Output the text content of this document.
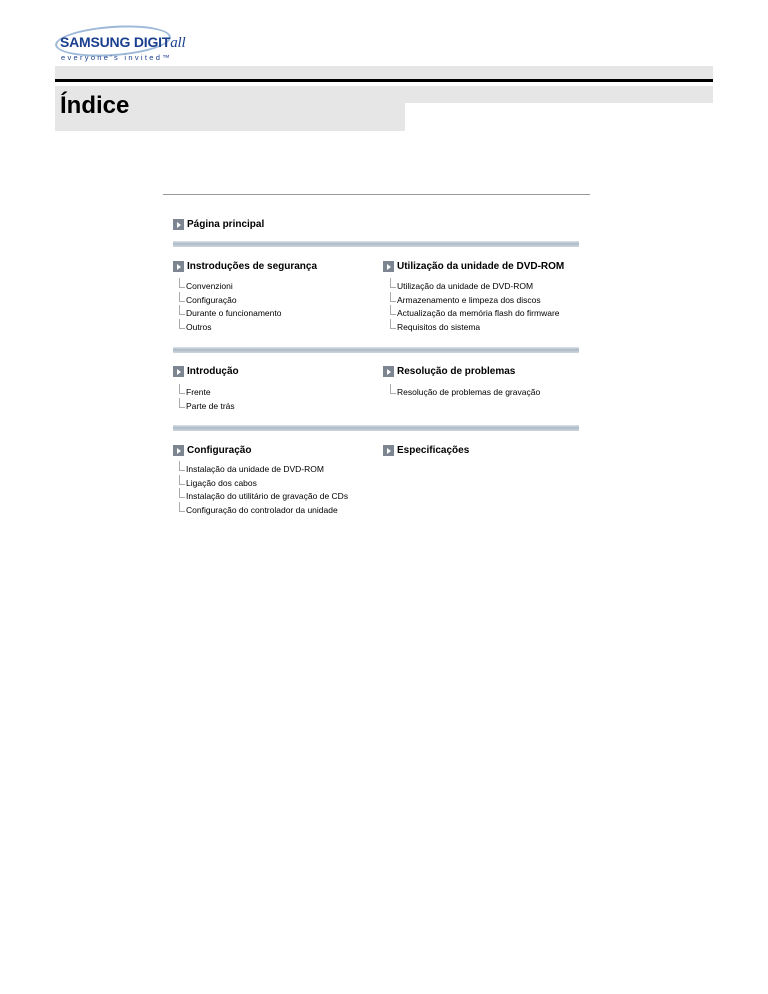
SAMSUNG DIGITall
everyone's invited™
Índice
Página principal
Instroduções de segurança
Convenzioni
Configuração
Durante o funcionamento
Outros
Utilização da unidade de DVD-ROM
Utilização da unidade de DVD-ROM
Armazenamento e limpeza dos discos
Actualização da memória flash do firmware
Requisitos do sistema
Introdução
Frente
Parte de trás
Resolução de problemas
Resolução de problemas de gravação
Configuração
Instalação da unidade de DVD-ROM
Ligação dos cabos
Instalação do utilitário de gravação de CDs
Configuração do controlador da unidade
Especificações
